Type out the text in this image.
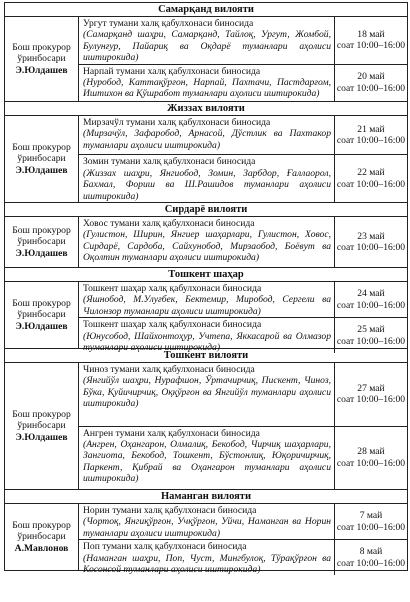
Самарқанд вилояти
Бош прокурор ўринбосари
Э.Юлдашев
Ургут тумани халқ қабулхонаси биносида
(Самарқанд шаҳри, Самарқанд, Тайлоқ, Ургут, Жомбой, Булунғур, Пайариқ ва Оқдарё туманлари аҳолиси иштирокида)
18 май
соат 10:00–16:00
Нарпай тумани халқ қабулхонаси биносида
(Нуробод, Каттақўрғон, Нарпай, Пахтачи, Пастдарғом, Иштихон ва Қўшработ туманлари аҳолиси иштирокида)
20 май
соат 10:00–16:00
Жиззах вилояти
Бош прокурор ўринбосари
Э.Юлдашев
Мирзачўл тумани халқ қабулхонаси биносида
(Мирзачўл, Зафаробод, Арнасой, Дўстлик ва Пахтакор туманлари аҳолиси иштирокида)
21 май
соат 10:00–16:00
Зомин тумани халқ қабулхонаси биносида
(Жиззах шаҳри, Янгиобод, Зомин, Зарбдор, Ғаллаорол, Бахмал, Фориш ва Ш.Рашидов туманлари аҳолиси иштирокида)
22 май
соат 10:00–16:00
Сирдарё вилояти
Бош прокурор ўринбосари
Э.Юлдашев
Ховос тумани халқ қабулхонаси биносида
(Гулистон, Ширин, Янгиер шаҳарлари, Гулистон, Ховос, Сирдарё, Сардоба, Сайхунобод, Мирзаобод, Боёвут ва Оқолтин туманлари аҳолиси иштирокида)
23 май
соат 10:00–16:00
Тошкент шаҳар
Бош прокурор ўринбосари
Э.Юлдашев
Тошкент шаҳар халқ қабулхонаси биносида
(Яшнобод, М.Улуғбек, Бектемир, Миробод, Сергели ва Чилонзор туманлари аҳолиси иштирокида)
24 май
соат 10:00–16:00
Тошкент шаҳар халқ қабулхонаси биносида
(Юнусобод, Шайхонтоҳур, Учтепа, Яккасарой ва Олмазор туманлари аҳолиси иштирокида)
25 май
соат 10:00–16:00
Тошкент вилояти
Бош прокурор ўринбосари
Э.Юлдашев
Чиноз тумани халқ қабулхонаси биносида
(Янгийўл шаҳри, Нурафшон, Ўртачирчиқ, Пискент, Чиноз, Бўка, Қуйичирчиқ, Оққўрғон ва Янгийўл туманлари аҳолиси иштирокида)
27 май
соат 10:00–16:00
Ангрен тумани халқ қабулхонаси биносида
(Ангрен, Оҳангарон, Олмалиқ, Бекобод, Чирчиқ шаҳарлари, Зангиота, Бекобод, Тошкент, Бўстонлиқ, Юқоричирчиқ, Паркент, Қибрай ва Оҳангарон туманлари аҳолиси иштирокида)
28 май
соат 10:00–16:00
Наманган вилояти
Бош прокурор ўринбосари
А.Мавлонов
Норин тумани халқ қабулхонаси биносида
(Чортоқ, Янгиқўрғон, Учқўрғон, Уйчи, Наманган ва Норин туманлари аҳолиси иштирокида)
7 май
соат 10:00–16:00
Поп тумани халқ қабулхонаси биносида
(Наманган шаҳри, Поп, Чуст, Мингбулоқ, Тўрақўрғон ва Косонсой туманлари аҳолиси иштирокида)
8 май
соат 10:00–16:00
